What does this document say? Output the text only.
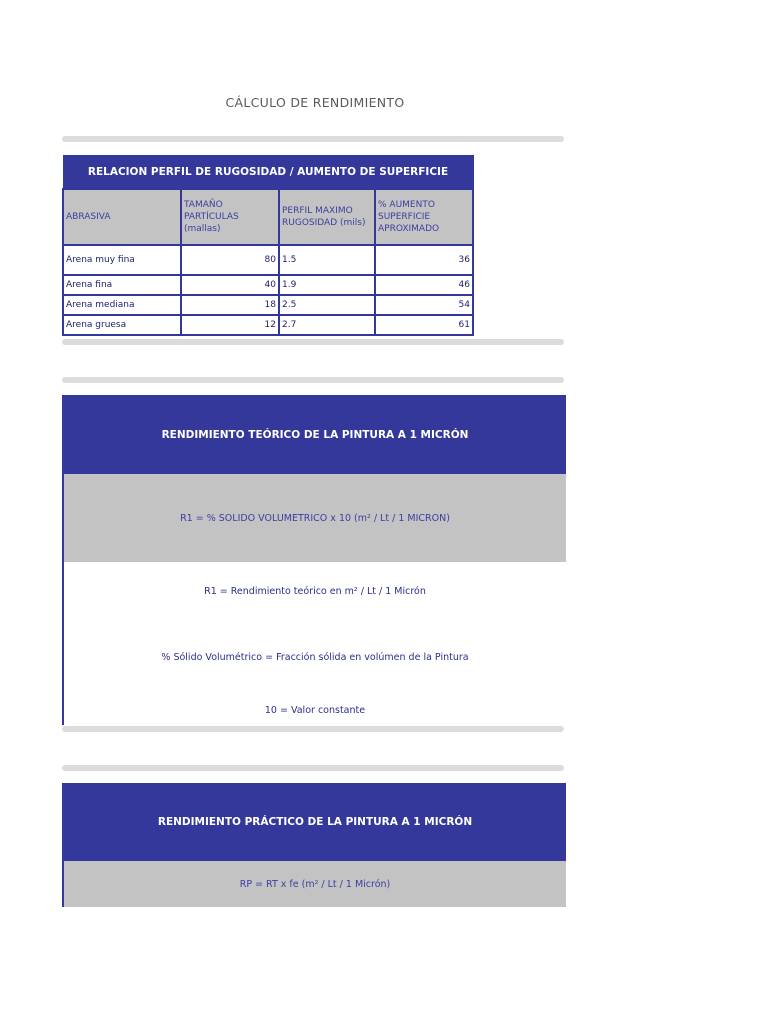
CÁLCULO DE RENDIMIENTO
RELACION PERFIL DE RUGOSIDAD / AUMENTO DE SUPERFICIE			
ABRASIVA	TAMAÑO PARTÍCULAS (mallas)	PERFIL MAXIMO RUGOSIDAD (mils)	% AUMENTO SUPERFICIE APROXIMADO
Arena muy fina	80	1.5	36
Arena fina	40	1.9	46
Arena mediana	18	2.5	54
Arena gruesa	12	2.7	61
RENDIMIENTO TEÓRICO DE LA PINTURA A 1 MICRÓN
R1 = % SOLIDO VOLUMETRICO x 10 (m² / Lt / 1 MICRON)
R1 = Rendimiento teórico en m² / Lt / 1 Micrón
% Sólido Volumétrico = Fracción sólida en volúmen de la Pintura
10 = Valor constante
RENDIMIENTO PRÁCTICO DE LA PINTURA A 1 MICRÓN
RP = RT x fe (m² / Lt / 1 Micrón)
